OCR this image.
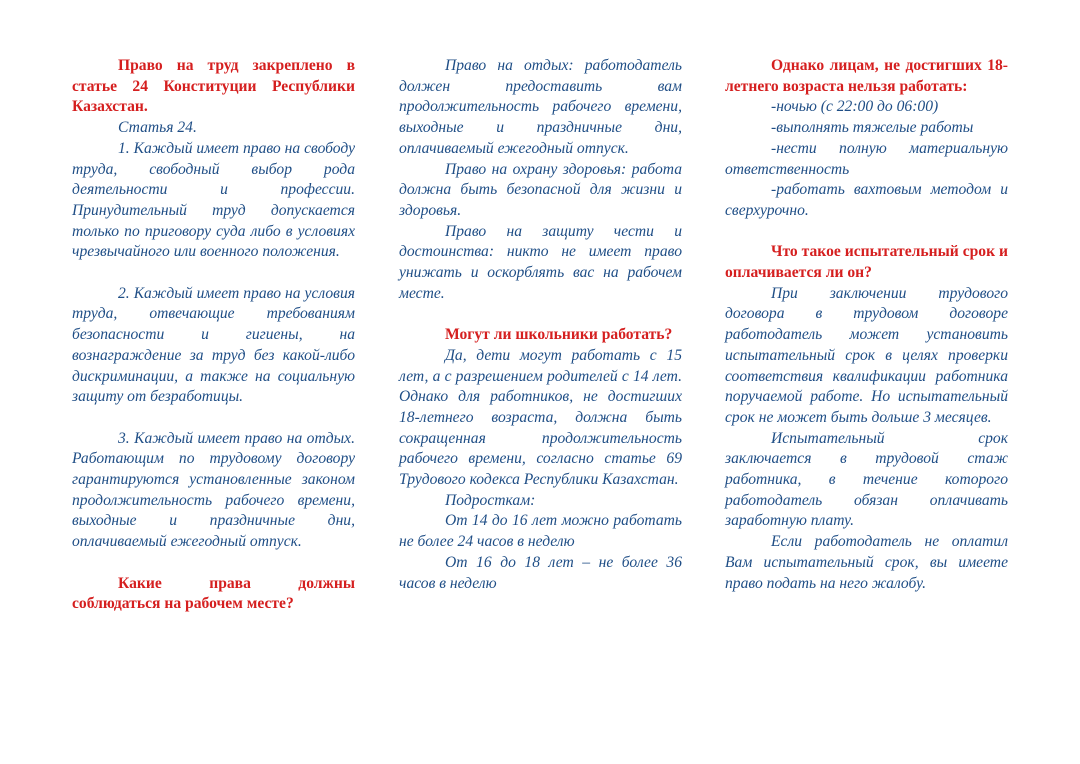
Право на труд закреплено в статье 24 Конституции Республики Казахстан.

Статья 24.

1. Каждый имеет право на свободу труда, свободный выбор рода деятельности и профессии. Принудительный труд допускается только по приговору суда либо в условиях чрезвычайного или военного положения.

2. Каждый имеет право на условия труда, отвечающие требованиям безопасности и гигиены, на вознаграждение за труд без какой-либо дискриминации, а также на социальную защиту от безработицы.

3. Каждый имеет право на отдых. Работающим по трудовому договору гарантируются установленные законом продолжительность рабочего времени, выходные и праздничные дни, оплачиваемый ежегодный отпуск.

Какие права должны соблюдаться на рабочем месте?

Право на отдых: работодатель должен предоставить вам продолжительность рабочего времени, выходные и праздничные дни, оплачиваемый ежегодный отпуск.

Право на охрану здоровья: работа должна быть безопасной для жизни и здоровья.

Право на защиту чести и достоинства: никто не имеет право унижать и оскорблять вас на рабочем месте.

Могут ли школьники работать?

Да, дети могут работать с 15 лет, а с разрешением родителей с 14 лет. Однако для работников, не достигших 18-летнего возраста, должна быть сокращенная продолжительность рабочего времени, согласно статье 69 Трудового кодекса Республики Казахстан.

Подросткам:

От 14 до 16 лет можно работать не более 24 часов в неделю

От 16 до 18 лет – не более 36 часов в неделю

Однако лицам, не достигших 18-летнего возраста нельзя работать:

-ночью (с 22:00 до 06:00)

-выполнять тяжелые работы

-нести полную материальную ответственность

-работать вахтовым методом и сверхурочно.

Что такое испытательный срок и оплачивается ли он?

При заключении трудового договора в трудовом договоре работодатель может установить испытательный срок в целях проверки соответствия квалификации работника поручаемой работе. Но испытательный срок не может быть дольше 3 месяцев.

Испытательный срок заключается в трудовой стаж работника, в течение которого работодатель обязан оплачивать заработную плату.

Если работодатель не оплатил Вам испытательный срок, вы имеете право подать на него жалобу.
